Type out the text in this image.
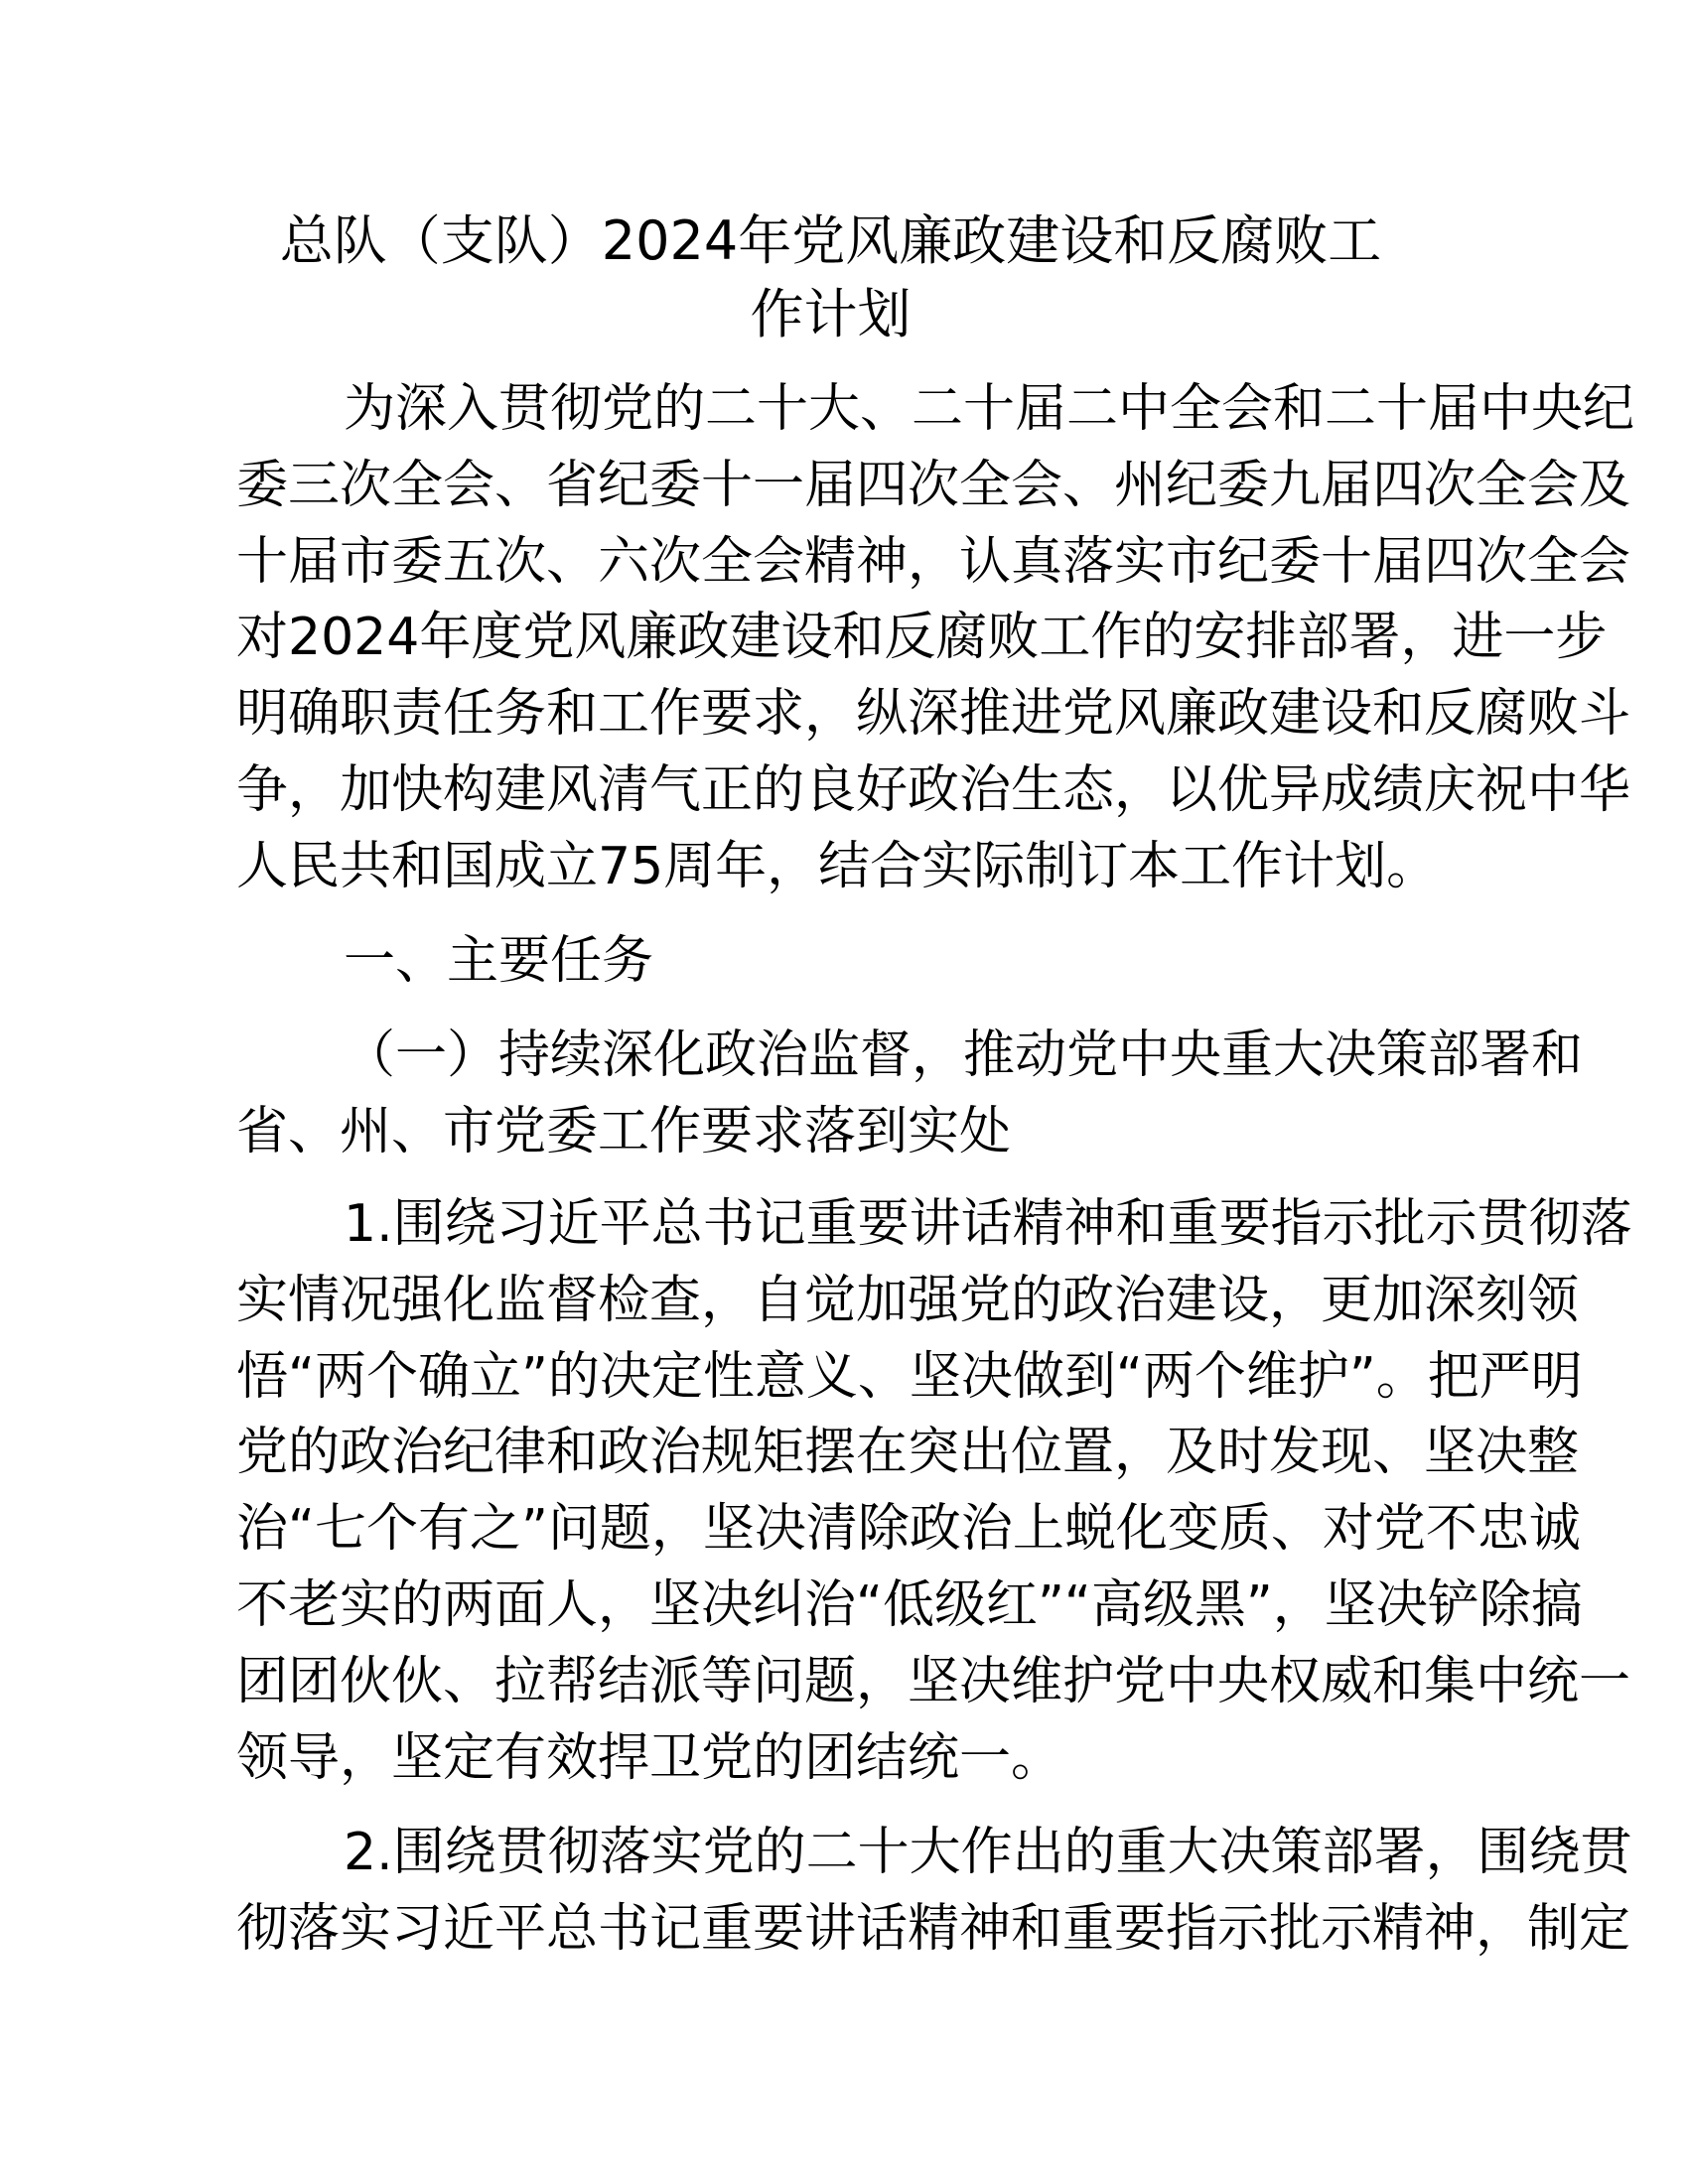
总队（支队）2024年党风廉政建设和反腐败工
作计划
为深入贯彻党的二十大、二十届二中全会和二十届中央纪
委三次全会、省纪委十一届四次全会、州纪委九届四次全会及
十届市委五次、六次全会精神，认真落实市纪委十届四次全会
对2024年度党风廉政建设和反腐败工作的安排部署，进一步
明确职责任务和工作要求，纵深推进党风廉政建设和反腐败斗
争，加快构建风清气正的良好政治生态，以优异成绩庆祝中华
人民共和国成立75周年，结合实际制订本工作计划。
一、主要任务
（一）持续深化政治监督，推动党中央重大决策部署和
省、州、市党委工作要求落到实处
1.围绕习近平总书记重要讲话精神和重要指示批示贯彻落
实情况强化监督检查，自觉加强党的政治建设，更加深刻领
悟“两个确立”的决定性意义、坚决做到“两个维护”。把严明
党的政治纪律和政治规矩摆在突出位置，及时发现、坚决整
治“七个有之”问题，坚决清除政治上蜕化变质、对党不忠诚
不老实的两面人，坚决纠治“低级红”“高级黑”，坚决铲除搞
团团伙伙、拉帮结派等问题，坚决维护党中央权威和集中统一
领导，坚定有效捍卫党的团结统一。
2.围绕贯彻落实党的二十大作出的重大决策部署，围绕贯
彻落实习近平总书记重要讲话精神和重要指示批示精神，制定
